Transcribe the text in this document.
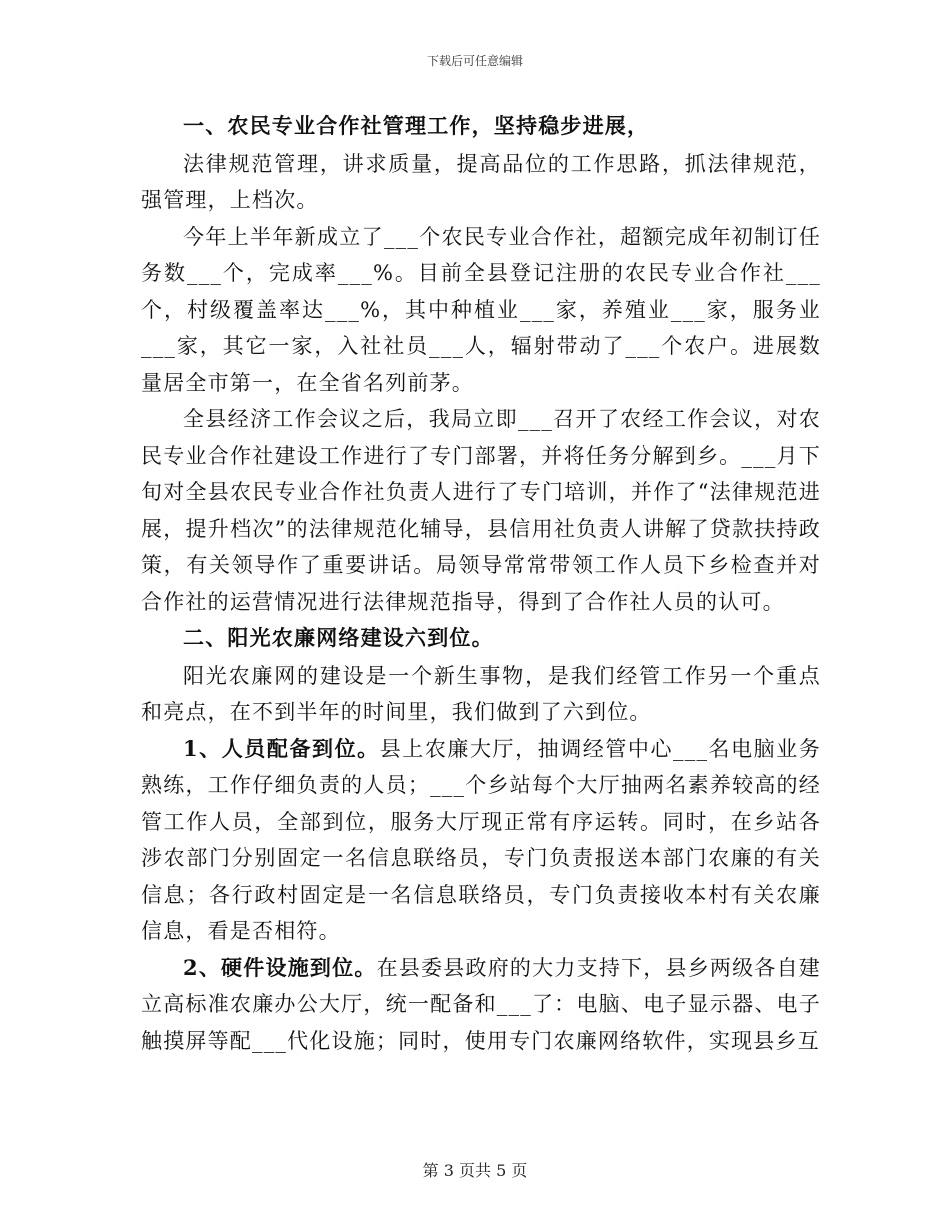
下载后可任意编辑

一、农民专业合作社管理工作，坚持稳步进展，

法律规范管理，讲求质量，提高品位的工作思路，抓法律规范，强管理，上档次。

今年上半年新成立了___个农民专业合作社，超额完成年初制订任务数___个，完成率___%。目前全县登记注册的农民专业合作社___个，村级覆盖率达___%，其中种植业___家，养殖业___家，服务业___家，其它一家，入社社员___人，辐射带动了___个农户。进展数量居全市第一，在全省名列前茅。

全县经济工作会议之后，我局立即___召开了农经工作会议，对农民专业合作社建设工作进行了专门部署，并将任务分解到乡。___月下旬对全县农民专业合作社负责人进行了专门培训，并作了“法律规范进展，提升档次”的法律规范化辅导，县信用社负责人讲解了贷款扶持政策，有关领导作了重要讲话。局领导常常带领工作人员下乡检查并对合作社的运营情况进行法律规范指导，得到了合作社人员的认可。

二、阳光农廉网络建设六到位。

阳光农廉网的建设是一个新生事物，是我们经管工作另一个重点和亮点，在不到半年的时间里，我们做到了六到位。

1、人员配备到位。县上农廉大厅，抽调经管中心___名电脑业务熟练，工作仔细负责的人员；___个乡站每个大厅抽两名素养较高的经管工作人员，全部到位，服务大厅现正常有序运转。同时，在乡站各涉农部门分别固定一名信息联络员，专门负责报送本部门农廉的有关信息；各行政村固定是一名信息联络员，专门负责接收本村有关农廉信息，看是否相符。

2、硬件设施到位。在县委县政府的大力支持下，县乡两级各自建立高标准农廉办公大厅，统一配备和___了：电脑、电子显示器、电子触摸屏等配___代化设施；同时，使用专门农廉网络软件，实现县乡互

第 3 页共 5 页
